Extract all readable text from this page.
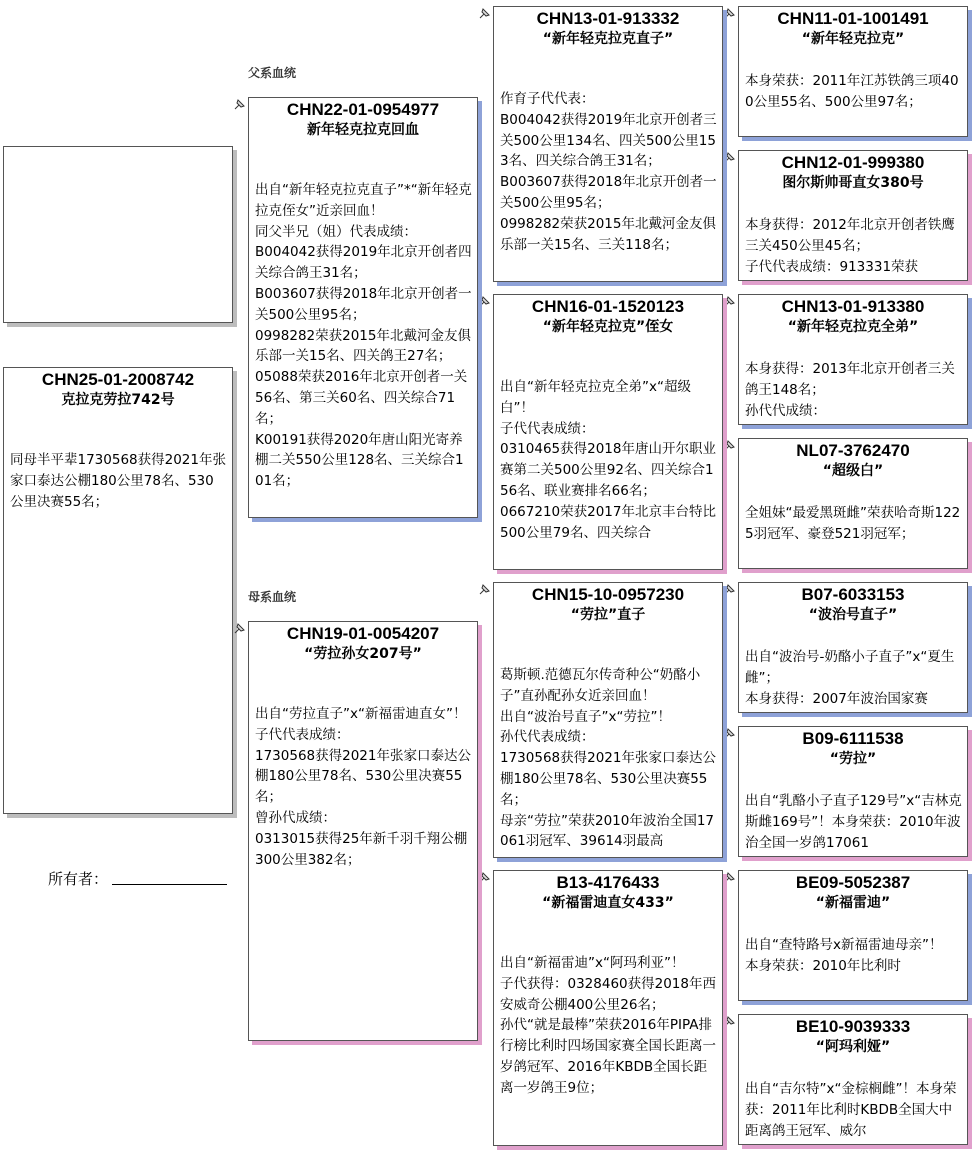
CHN25-01-2008742
克拉克劳拉742号
同母半平辈1730568获得2021年张家口泰达公棚180公里78名、530公里决赛55名；
所有者：
父系血统
母系血统
CHN22-01-0954977
新年轻克拉克回血
出自“新年轻克拉克直子”*“新年轻克拉克侄女”近亲回血！
同父半兄（姐）代表成绩：
B004042获得2019年北京开创者四关综合鸽王31名；
B003607获得2018年北京开创者一关500公里95名；
0998282荣获2015年北戴河金友俱乐部一关15名、四关鸽王27名；
05088荣获2016年北京开创者一关56名、第三关60名、四关综合71名；
K00191获得2020年唐山阳光寄养棚二关550公里128名、三关综合101名；
CHN19-01-0054207
“劳拉孙女207号”
出自“劳拉直子”x“新福雷迪直女”！
子代代表成绩：
1730568获得2021年张家口泰达公棚180公里78名、530公里决赛55名；
曾孙代成绩：
0313015获得25年新千羽千翔公棚300公里382名；
CHN13-01-913332
“新年轻克拉克直子”
作育子代代表：
B004042获得2019年北京开创者三关500公里134名、四关500公里153名、四关综合鸽王31名；
B003607获得2018年北京开创者一关500公里95名；
0998282荣获2015年北戴河金友俱乐部一关15名、三关118名；
CHN16-01-1520123
“新年轻克拉克”侄女
出自“新年轻克拉克全弟”x“超级白”！
子代代表成绩：
0310465获得2018年唐山开尔职业赛第二关500公里92名、四关综合156名、联业赛排名66名；
0667210荣获2017年北京丰台特比500公里79名、四关综合
CHN15-10-0957230
“劳拉”直子
葛斯顿.范德瓦尔传奇种公“奶酪小子”直孙配孙女近亲回血！
出自“波治号直子”x“劳拉”！
孙代代表成绩：
1730568获得2021年张家口泰达公棚180公里78名、530公里决赛55名；
母亲“劳拉”荣获2010年波治全国17061羽冠军、39614羽最高
B13-4176433
“新福雷迪直女433”
出自“新福雷迪”x“阿玛利亚”！
子代获得：0328460获得2018年西安威奇公棚400公里26名；
孙代“就是最棒”荣获2016年PIPA排行榜比利时四场国家赛全国长距离一岁鸽冠军、2016年KBDB全国长距离一岁鸽王9位；
CHN11-01-1001491
“新年轻克拉克”
本身荣获：2011年江苏铁鸽三项400公里55名、500公里97名；
CHN12-01-999380
图尔斯帅哥直女380号
本身获得：2012年北京开创者铁鹰三关450公里45名；
子代代表成绩：913331荣获
CHN13-01-913380
“新年轻克拉克全弟”
本身获得：2013年北京开创者三关鸽王148名；
孙代代成绩：
NL07-3762470
“超级白”
全姐妹“最爱黑斑雌”荣获哈奇斯1225羽冠军、豪登521羽冠军；
B07-6033153
“波治号直子”
出自“波治号-奶酪小子直子”x“夏生雌”；
本身获得：2007年波治国家赛
B09-6111538
“劳拉”
出自“乳酪小子直子129号”x“吉林克斯雌169号”！本身荣获：2010年波治全国一岁鸽17061
BE09-5052387
“新福雷迪”
出自“查特路号x新福雷迪母亲”！
本身荣获：2010年比利时
BE10-9039333
“阿玛利娅”
出自“吉尔特”x“金棕榈雌”！本身荣获：2011年比利时KBDB全国大中距离鸽王冠军、威尔
